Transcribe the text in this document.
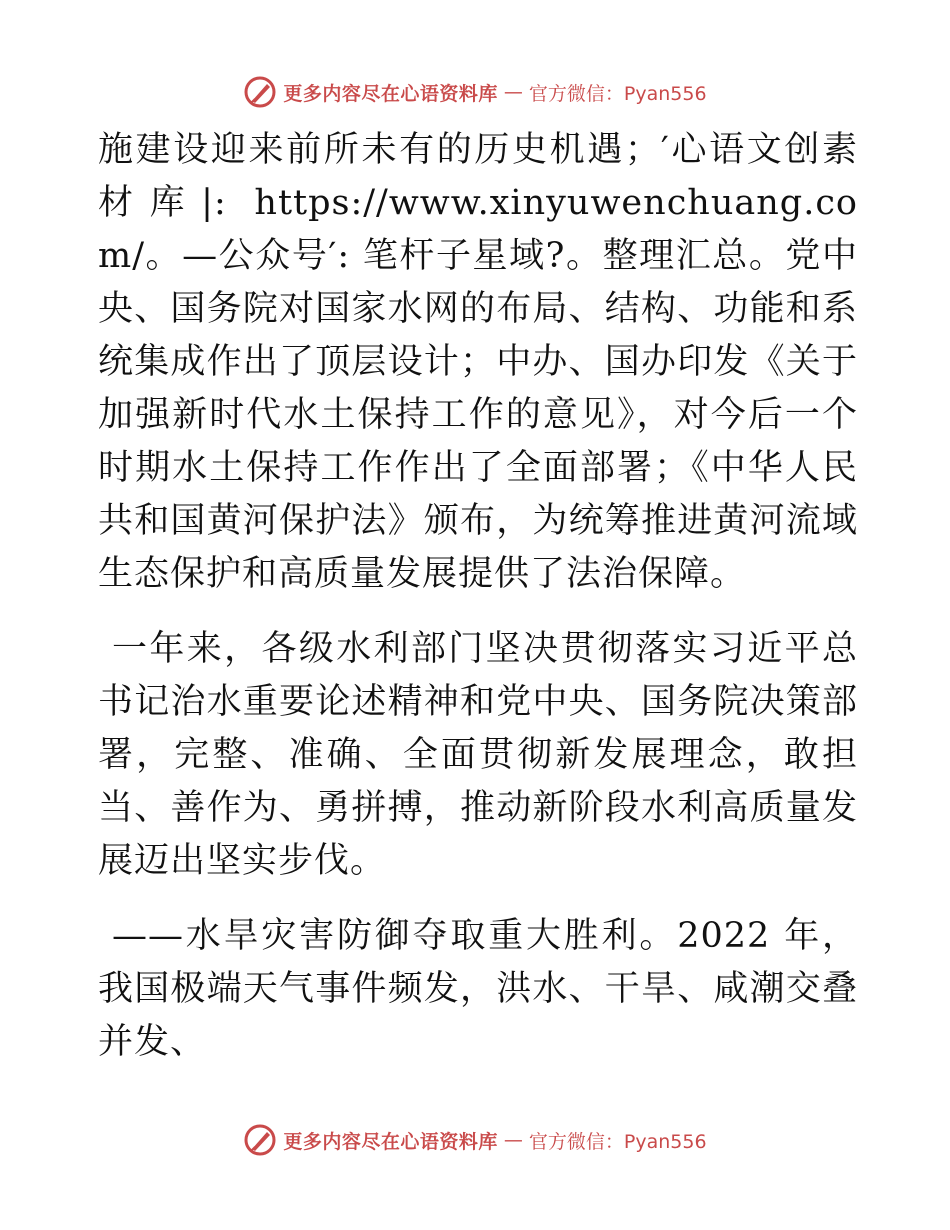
更多内容尽在心语资料库 — 官方微信：Pyan556

施建设迎来前所未有的历史机遇；′心语文创素材库|: https://www.xinyuwenchuang.com/。—公众号′: 笔杆子星域?。整理汇总。党中央、国务院对国家水网的布局、结构、功能和系统集成作出了顶层设计；中办、国办印发《关于加强新时代水土保持工作的意见》，对今后一个时期水土保持工作作出了全面部署；《中华人民共和国黄河保护法》颁布，为统筹推进黄河流域生态保护和高质量发展提供了法治保障。

一年来，各级水利部门坚决贯彻落实习近平总书记治水重要论述精神和党中央、国务院决策部署，完整、准确、全面贯彻新发展理念，敢担当、善作为、勇拼搏，推动新阶段水利高质量发展迈出坚实步伐。

——水旱灾害防御夺取重大胜利。2022 年，我国极端天气事件频发，洪水、干旱、咸潮交叠并发、

更多内容尽在心语资料库 — 官方微信：Pyan556
